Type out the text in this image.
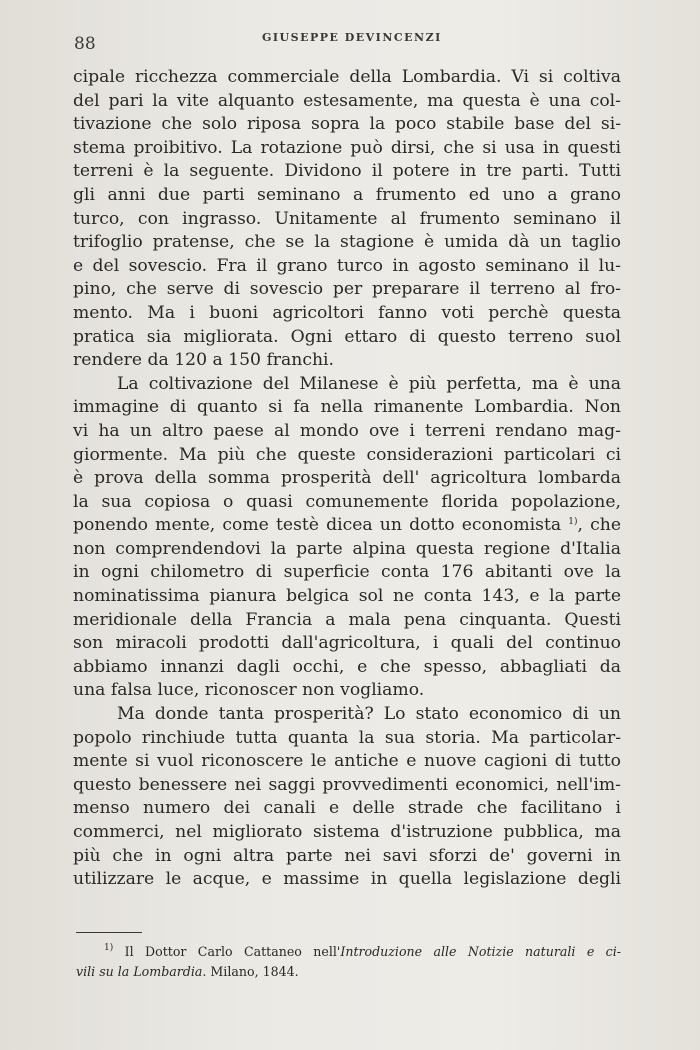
88	GIUSEPPE DEVINCENZI
cipale ricchezza commerciale della Lombardia. Vi si coltiva
del pari la vite alquanto estesamente, ma questa è una col-
tivazione che solo riposa sopra la poco stabile base del si-
stema proibitivo. La rotazione può dirsi, che si usa in questi
terreni è la seguente. Dividono il potere in tre parti. Tutti
gli anni due parti seminano a frumento ed uno a grano
turco, con ingrasso. Unitamente al frumento seminano il
trifoglio pratense, che se la stagione è umida dà un taglio
e del sovescio. Fra il grano turco in agosto seminano il lu-
pino, che serve di sovescio per preparare il terreno al fro-
mento. Ma i buoni agricoltori fanno voti perchè questa
pratica sia migliorata. Ogni ettaro di questo terreno suol
rendere da 120 a 150 franchi.
La coltivazione del Milanese è più perfetta, ma è una
immagine di quanto si fa nella rimanente Lombardia. Non
vi ha un altro paese al mondo ove i terreni rendano mag-
giormente. Ma più che queste considerazioni particolari ci
è prova della somma prosperità dell' agricoltura lombarda
la sua copiosa o quasi comunemente florida popolazione,
ponendo mente, come testè dicea un dotto economista $^{1)}$, che
non comprendendovi la parte alpina questa regione d'Italia
in ogni chilometro di superficie conta 176 abitanti ove la
nominatissima pianura belgica sol ne conta 143, e la parte
meridionale della Francia a mala pena cinquanta. Questi
son miracoli prodotti dall'agricoltura, i quali del continuo
abbiamo innanzi dagli occhi, e che spesso, abbagliati da
una falsa luce, riconoscer non vogliamo.
Ma donde tanta prosperità? Lo stato economico di un
popolo rinchiude tutta quanta la sua storia. Ma particolar-
mente si vuol riconoscere le antiche e nuove cagioni di tutto
questo benessere nei saggi provvedimenti economici, nell'im-
menso numero dei canali e delle strade che facilitano i
commerci, nel migliorato sistema d'istruzione pubblica, ma
più che in ogni altra parte nei savi sforzi de' governi in
utilizzare le acque, e massime in quella legislazione degli
$^{1)}$ Il Dottor Carlo Cattaneo nell'Introduzione alle Notizie naturali e ci-
vili su la Lombardia. Milano, 1844.
